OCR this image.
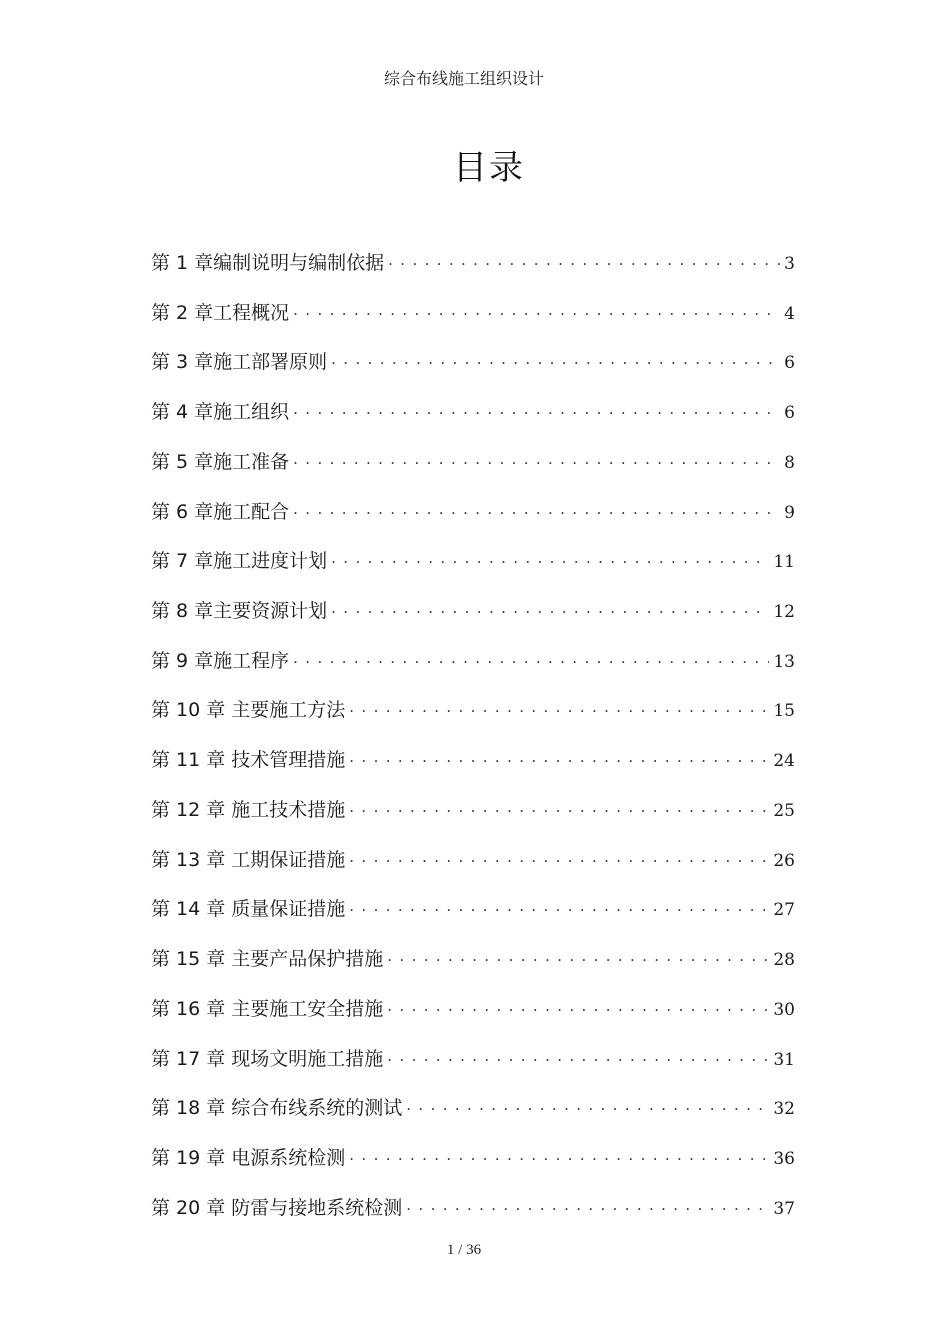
综合布线施工组织设计
目录
第 1 章编制说明与编制依据 . . .	3
第 2 章工程概况 . . .	4
第 3 章施工部署原则 . . .	6
第 4 章施工组织 . . .	6
第 5 章施工准备 . . .	8
第 6 章施工配合 . . .	9
第 7 章施工进度计划 . . .	11
第 8 章主要资源计划 . . .	12
第 9 章施工程序 . . .	13
第 10 章 主要施工方法 . . .	15
第 11 章 技术管理措施 . . .	24
第 12 章 施工技术措施 . . .	25
第 13 章 工期保证措施 . . .	26
第 14 章 质量保证措施 . . .	27
第 15 章 主要产品保护措施 . . .	28
第 16 章 主要施工安全措施 . . .	30
第 17 章 现场文明施工措施 . . .	31
第 18 章 综合布线系统的测试 . . .	32
第 19 章 电源系统检测 . . .	36
第 20 章 防雷与接地系统检测 . . .	37
1 / 36
